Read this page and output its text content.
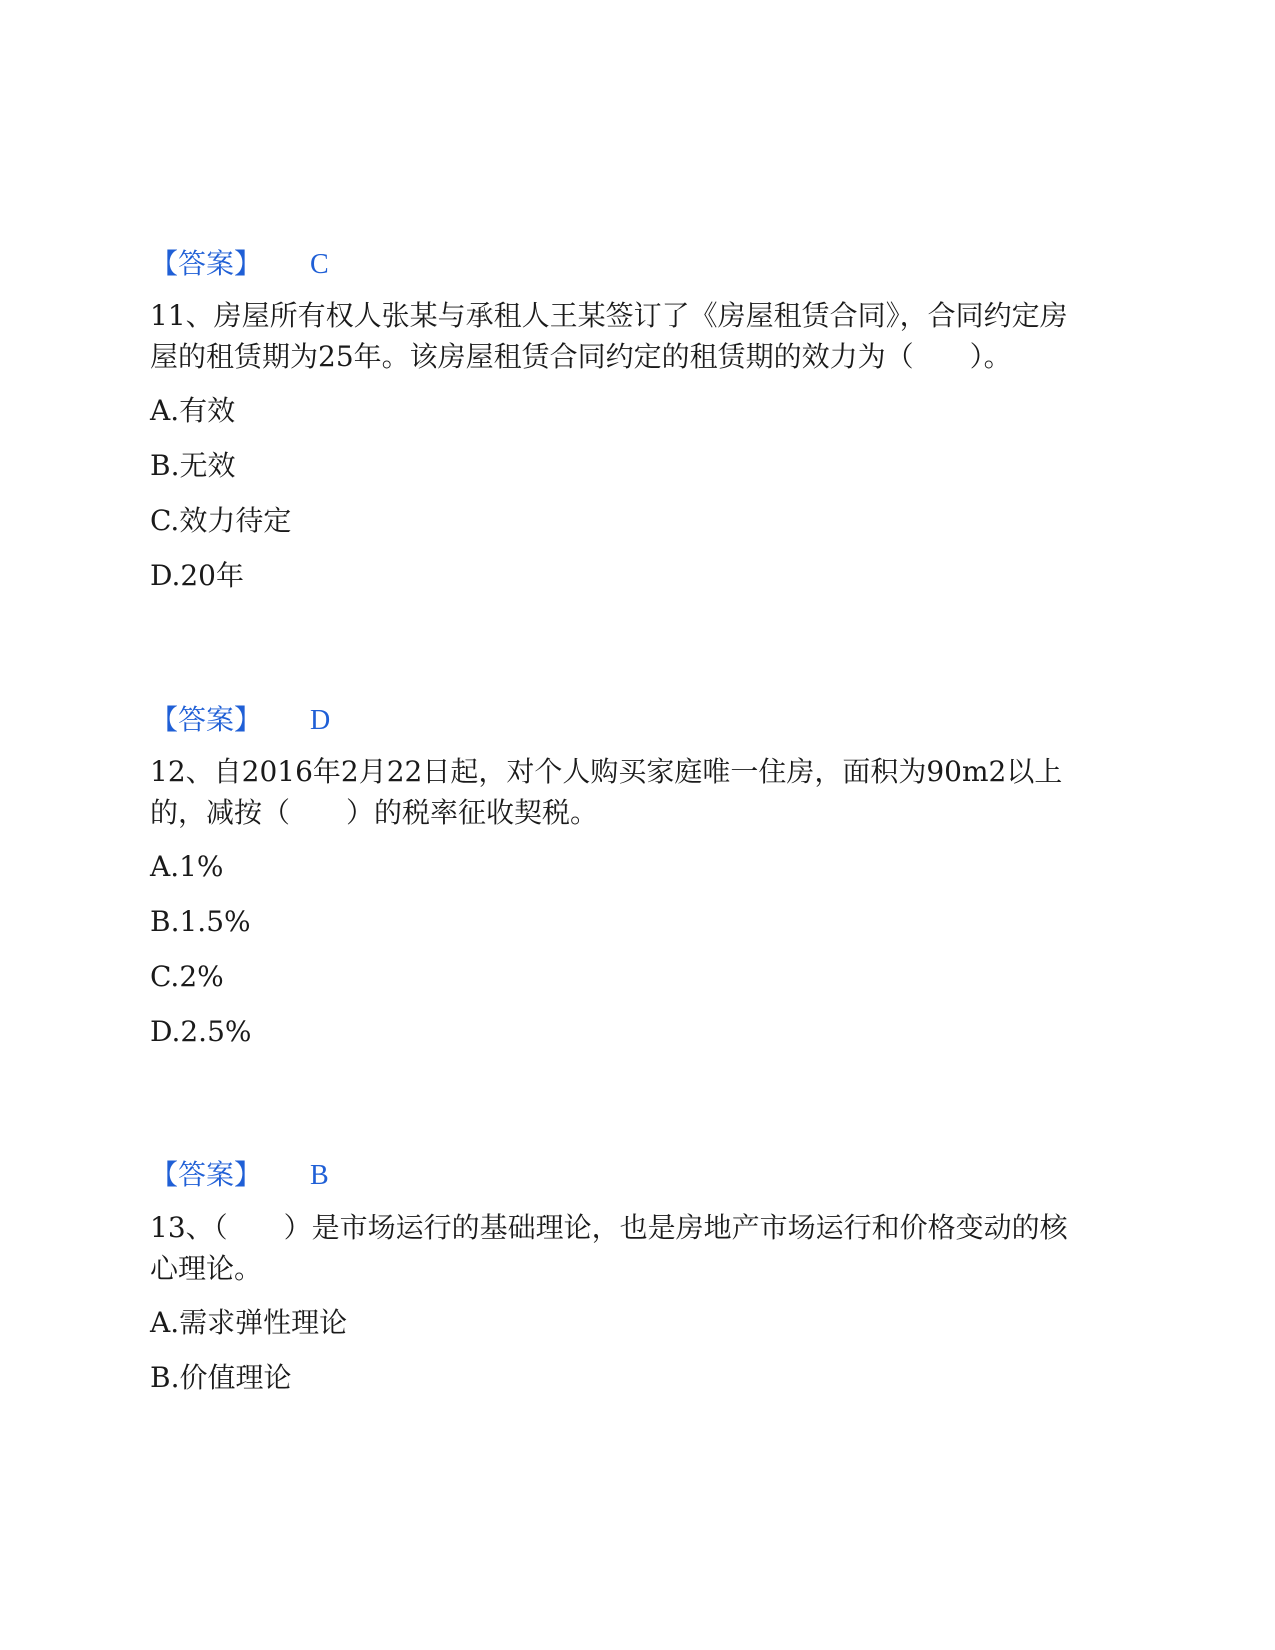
【答案】 C
11、房屋所有权人张某与承租人王某签订了《房屋租赁合同》，合同约定房
屋的租赁期为25年。该房屋租赁合同约定的租赁期的效力为（　　）。
A.有效
B.无效
C.效力待定
D.20年
【答案】 D
12、自2016年2月22日起，对个人购买家庭唯一住房，面积为90m2以上
的，减按（　　）的税率征收契税。
A.1%
B.1.5%
C.2%
D.2.5%
【答案】 B
13、（　　）是市场运行的基础理论，也是房地产市场运行和价格变动的核
心理论。
A.需求弹性理论
B.价值理论
